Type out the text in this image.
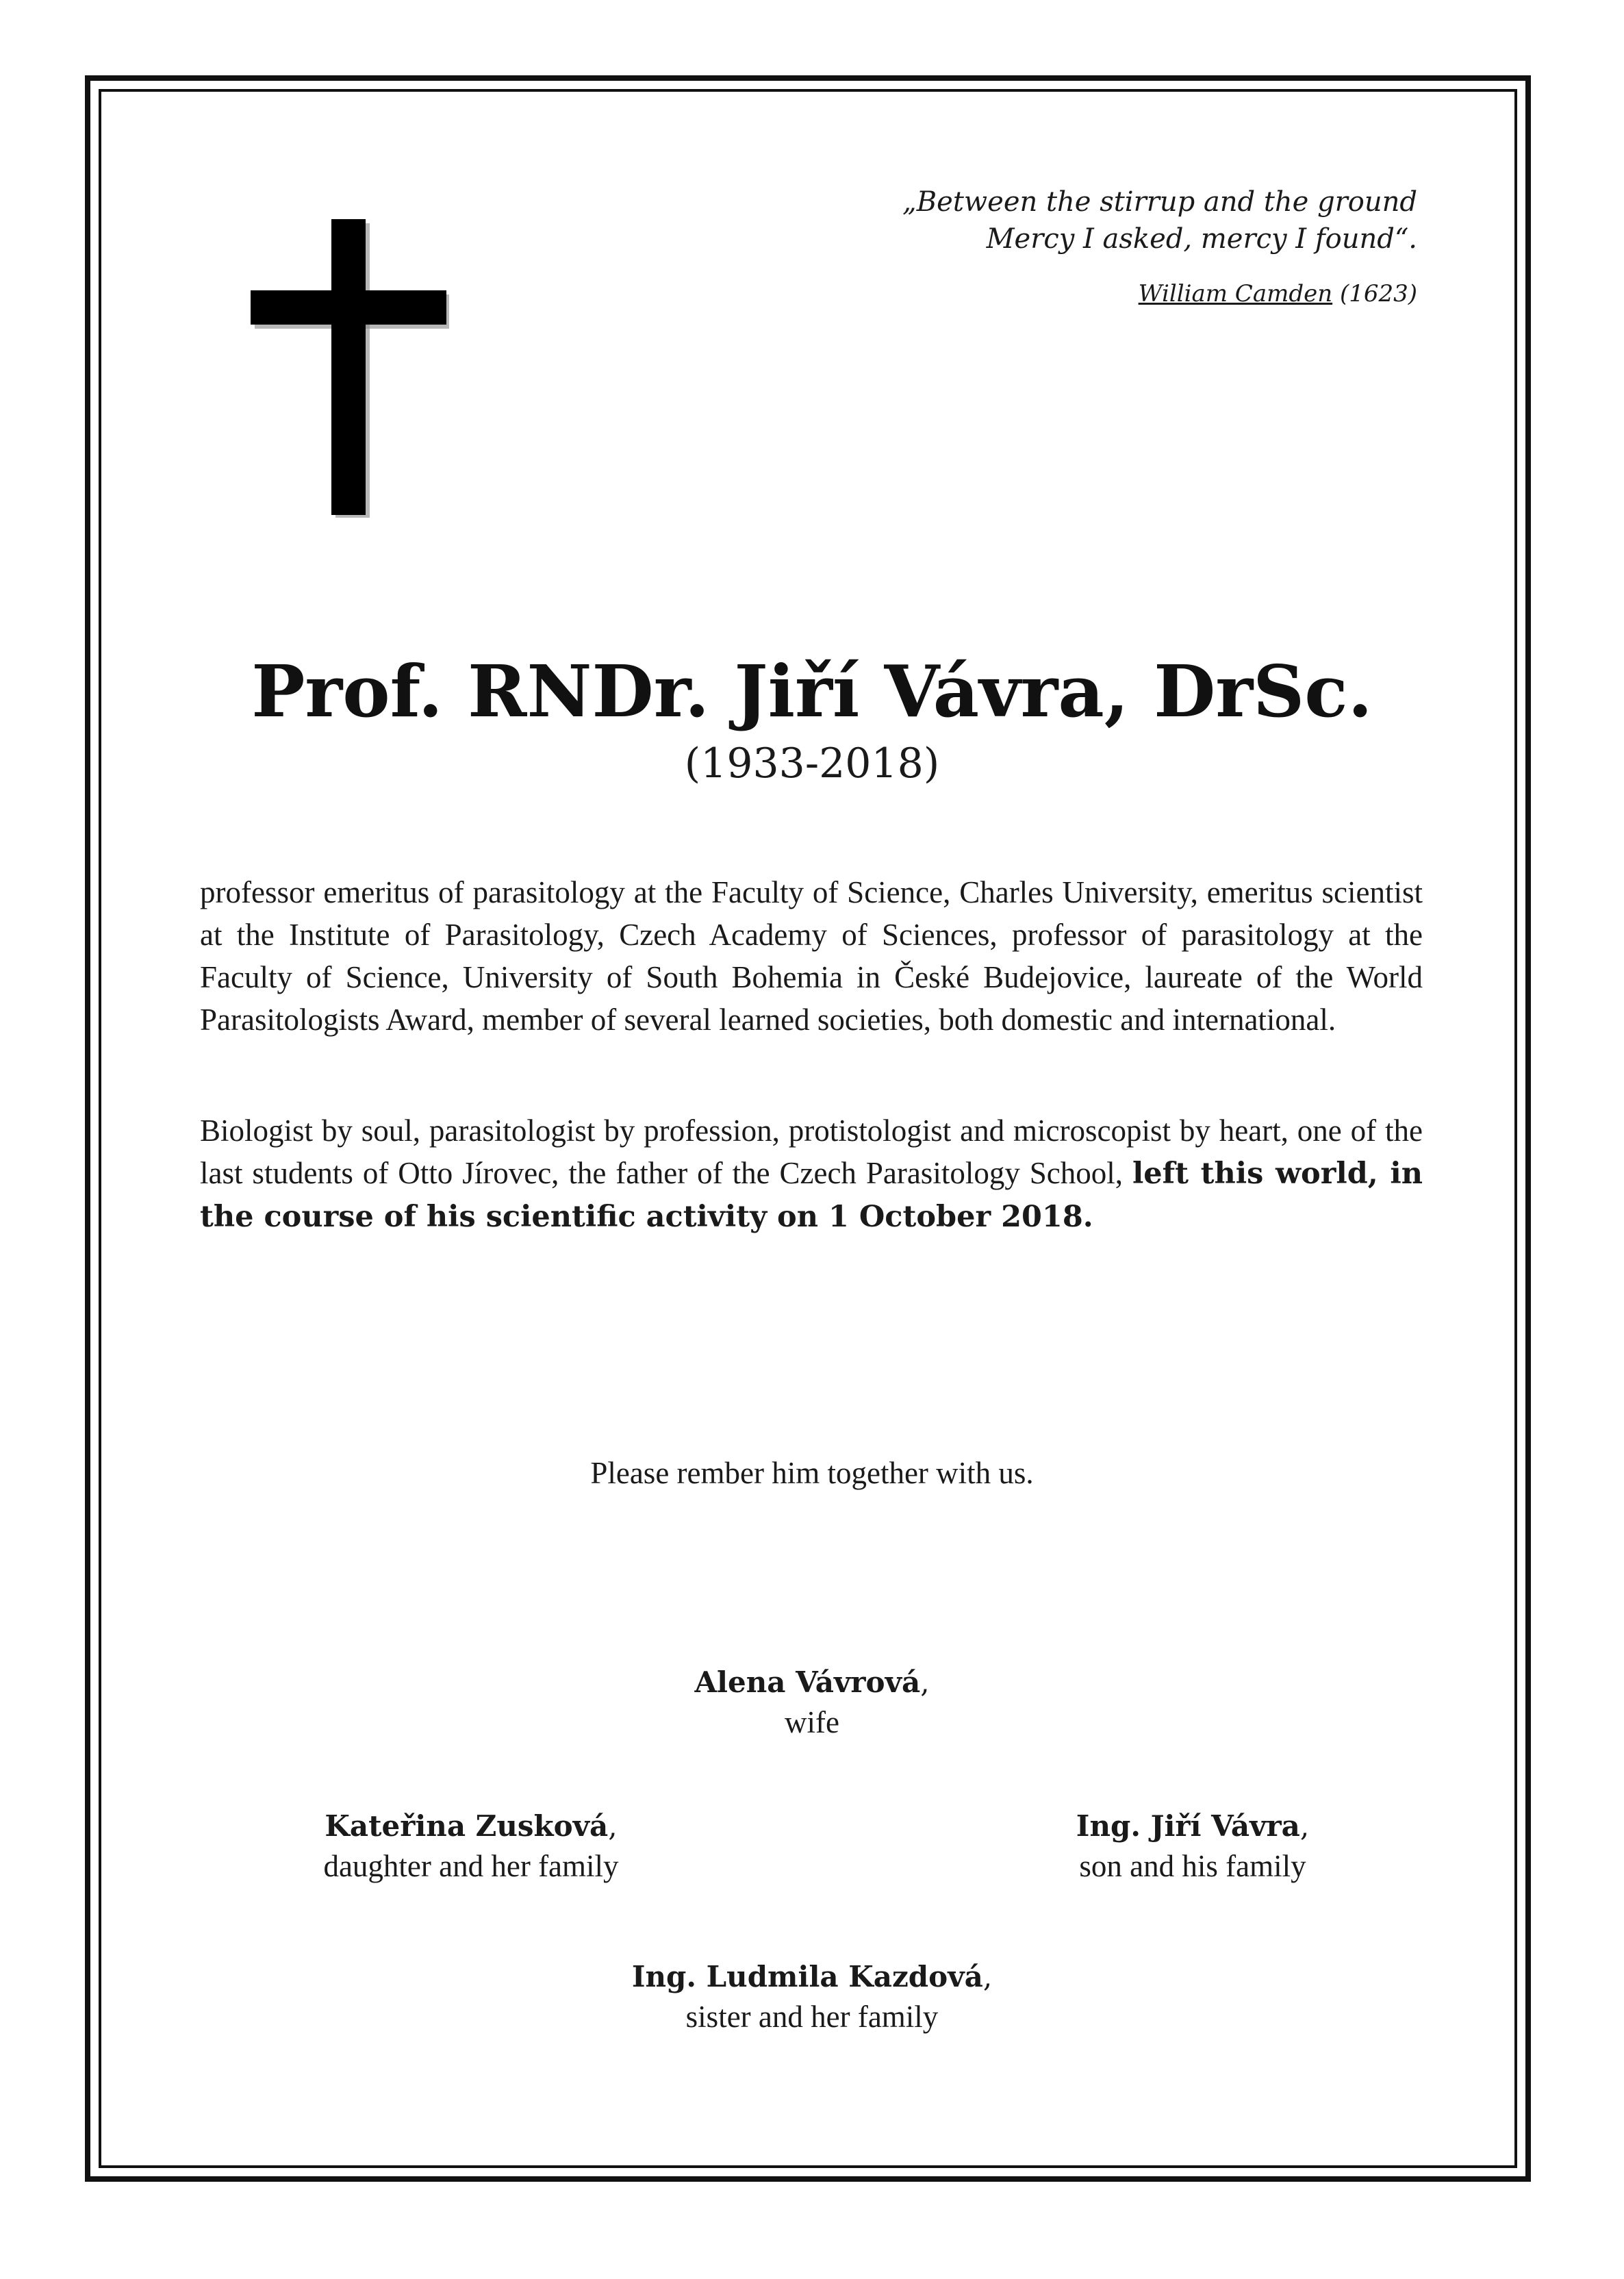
„Between the stirrup and the ground
Mercy I asked, mercy I found“.
William Camden (1623)
Prof. RNDr. Jiří Vávra, DrSc.
(1933-2018)

professor emeritus of parasitology at the Faculty of Science, Charles University, emeritus scientist at the Institute of Parasitology, Czech Academy of Sciences, professor of parasitology at the Faculty of Science, University of South Bohemia in České Budejovice, laureate of the World Parasitologists Award, member of several learned societies, both domestic and international.

Biologist by soul, parasitologist by profession, protistologist and microscopist by heart, one of the last students of Otto Jírovec, the father of the Czech Parasitology School, left this world, in the course of his scientific activity on 1 October 2018.

Please rember him together with us.
Alena Vávrová,
wife
Kateřina Zusková,
daughter and her family
Ing. Jiří Vávra,
son and his family
Ing. Ludmila Kazdová,
sister and her family
